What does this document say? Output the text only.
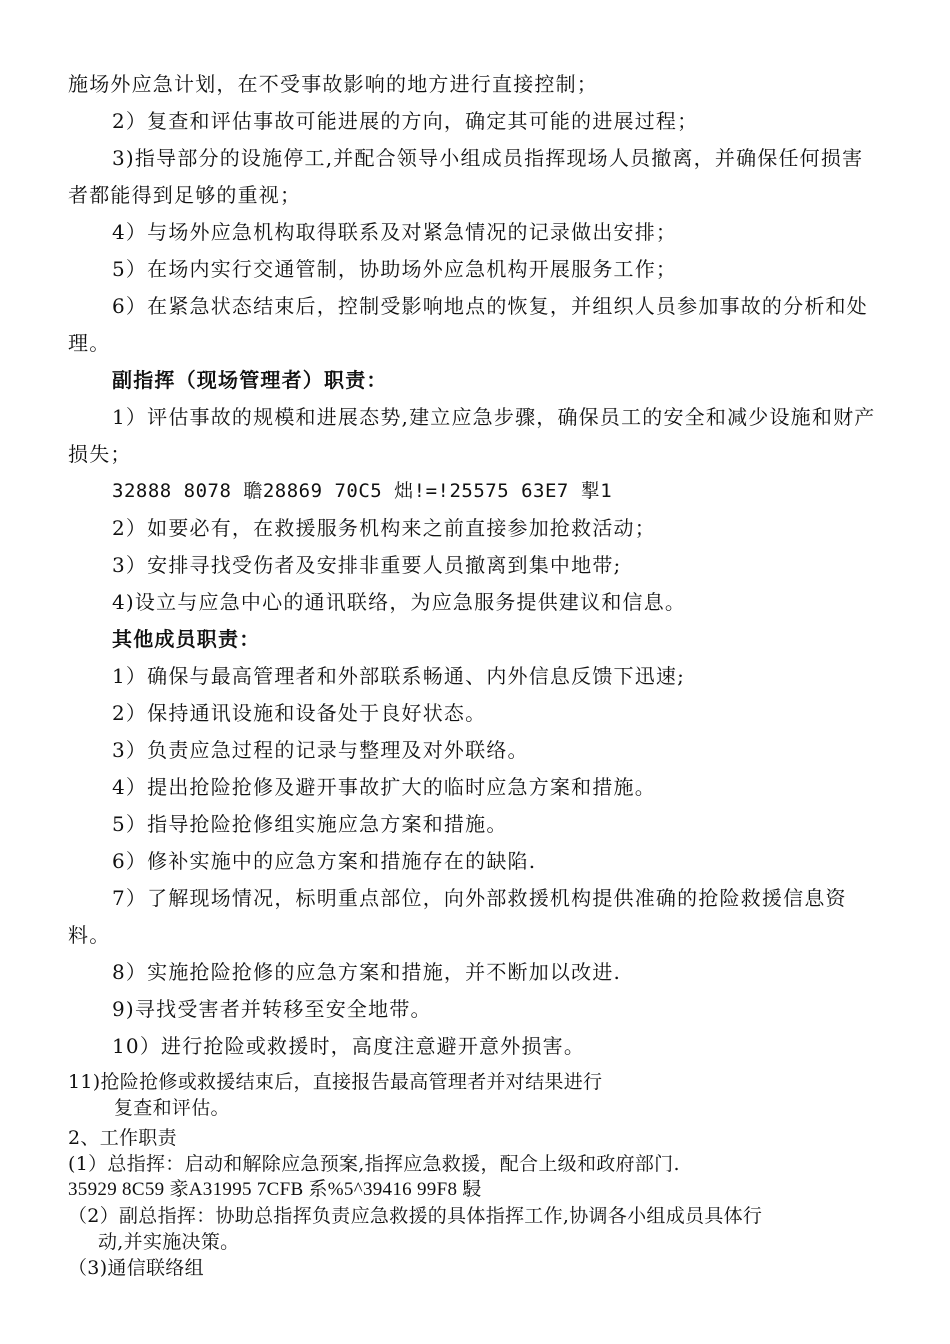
施场外应急计划，在不受事故影响的地方进行直接控制；

2）复查和评估事故可能进展的方向，确定其可能的进展过程；

3)指导部分的设施停工,并配合领导小组成员指挥现场人员撤离，并确保任何损害者都能得到足够的重视；

4）与场外应急机构取得联系及对紧急情况的记录做出安排；

5）在场内实行交通管制，协助场外应急机构开展服务工作；

6）在紧急状态结束后，控制受影响地点的恢复，并组织人员参加事故的分析和处理。

副指挥（现场管理者）职责：

1）评估事故的规模和进展态势,建立应急步骤，确保员工的安全和减少设施和财产损失；

32888 8078 聸28869 70C5 炪!=!25575 63E7 揧1

2）如要必有，在救援服务机构来之前直接参加抢救活动；

3）安排寻找受伤者及安排非重要人员撤离到集中地带;

4)设立与应急中心的通讯联络，为应急服务提供建议和信息。

其他成员职责：

1）确保与最高管理者和外部联系畅通、内外信息反馈下迅速;

2）保持通讯设施和设备处于良好状态。

3）负责应急过程的记录与整理及对外联络。

4）提出抢险抢修及避开事故扩大的临时应急方案和措施。

5）指导抢险抢修组实施应急方案和措施。

6）修补实施中的应急方案和措施存在的缺陷.

7）了解现场情况，标明重点部位，向外部救援机构提供准确的抢险救援信息资料。

8）实施抢险抢修的应急方案和措施，并不断加以改进.

9)寻找受害者并转移至安全地带。

10）进行抢险或救援时，高度注意避开意外损害。

11)抢险抢修或救援结束后，直接报告最高管理者并对结果进行

复查和评估。

2、工作职责

(1）总指挥：启动和解除应急预案,指挥应急救援，配合上级和政府部门.

35929 8C59 豙A31995 7CFB 系%5^39416 99F8 駸

（2）副总指挥：协助总指挥负责应急救援的具体指挥工作,协调各小组成员具体行

动,并实施决策。

（3)通信联络组
